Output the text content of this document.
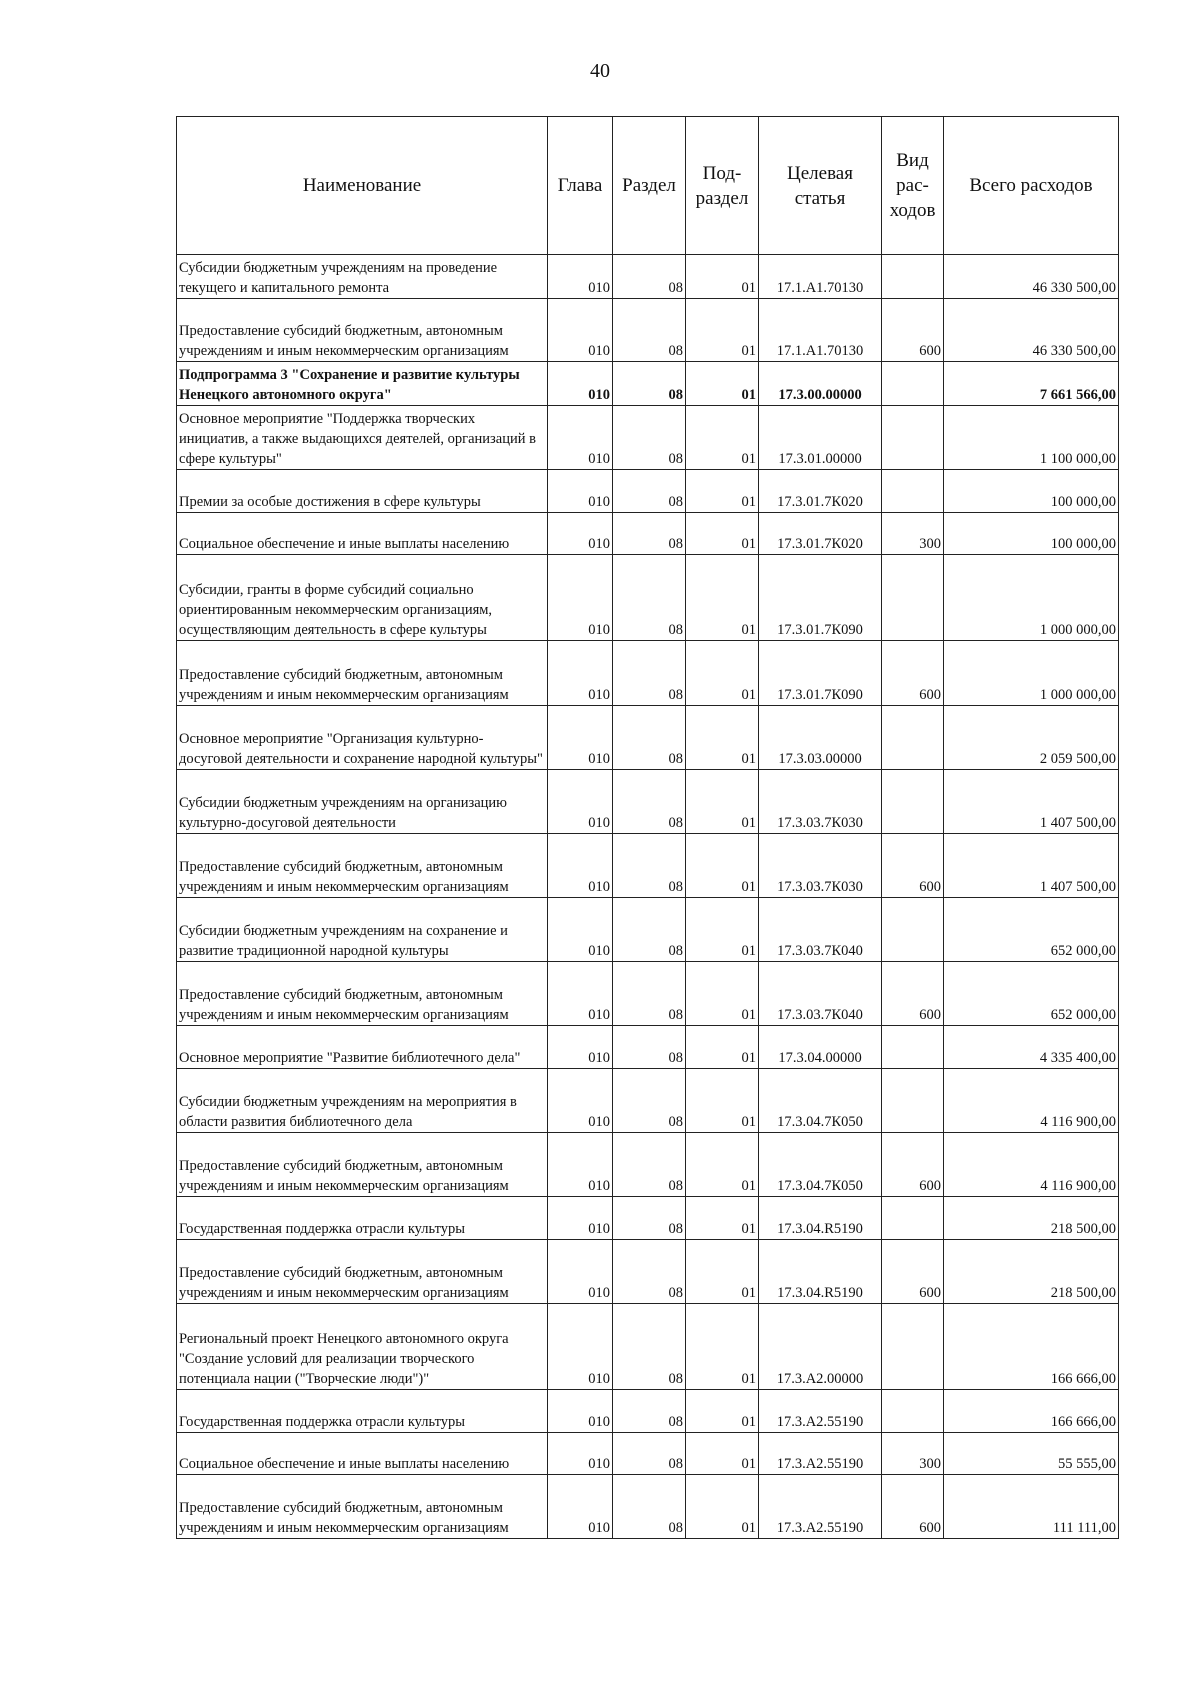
40
Наименование	Глава	Раздел	Под-раздел	Целевая статья	Вид рас-ходов	Всего расходов
Субсидии бюджетным учреждениям на проведение текущего и капитального ремонта	010	08	01	17.1.A1.70130		46 330 500,00
Предоставление субсидий бюджетным, автономным учреждениям и иным некоммерческим организациям	010	08	01	17.1.A1.70130	600	46 330 500,00
Подпрограмма 3 "Сохранение и развитие культуры Ненецкого автономного округа"	010	08	01	17.3.00.00000		7 661 566,00
Основное мероприятие "Поддержка творческих инициатив, а также выдающихся деятелей, организаций в сфере культуры"	010	08	01	17.3.01.00000		1 100 000,00
Премии за особые достижения в сфере культуры	010	08	01	17.3.01.7К020		100 000,00
Социальное обеспечение и иные выплаты населению	010	08	01	17.3.01.7К020	300	100 000,00
Субсидии, гранты в форме субсидий социально ориентированным некоммерческим организациям, осуществляющим деятельность в сфере культуры	010	08	01	17.3.01.7К090		1 000 000,00
Предоставление субсидий бюджетным, автономным учреждениям и иным некоммерческим организациям	010	08	01	17.3.01.7К090	600	1 000 000,00
Основное мероприятие "Организация культурно-досуговой деятельности и сохранение народной культуры"	010	08	01	17.3.03.00000		2 059 500,00
Субсидии бюджетным учреждениям на организацию культурно-досуговой деятельности	010	08	01	17.3.03.7К030		1 407 500,00
Предоставление субсидий бюджетным, автономным учреждениям и иным некоммерческим организациям	010	08	01	17.3.03.7К030	600	1 407 500,00
Субсидии бюджетным учреждениям на сохранение и развитие традиционной народной культуры	010	08	01	17.3.03.7К040		652 000,00
Предоставление субсидий бюджетным, автономным учреждениям и иным некоммерческим организациям	010	08	01	17.3.03.7К040	600	652 000,00
Основное мероприятие "Развитие библиотечного дела"	010	08	01	17.3.04.00000		4 335 400,00
Субсидии бюджетным учреждениям на мероприятия в области развития библиотечного дела	010	08	01	17.3.04.7К050		4 116 900,00
Предоставление субсидий бюджетным, автономным учреждениям и иным некоммерческим организациям	010	08	01	17.3.04.7К050	600	4 116 900,00
Государственная поддержка отрасли культуры	010	08	01	17.3.04.R5190		218 500,00
Предоставление субсидий бюджетным, автономным учреждениям и иным некоммерческим организациям	010	08	01	17.3.04.R5190	600	218 500,00
Региональный проект Ненецкого автономного округа "Создание условий для реализации творческого потенциала нации ("Творческие люди")"	010	08	01	17.3.A2.00000		166 666,00
Государственная поддержка отрасли культуры	010	08	01	17.3.A2.55190		166 666,00
Социальное обеспечение и иные выплаты населению	010	08	01	17.3.A2.55190	300	55 555,00
Предоставление субсидий бюджетным, автономным учреждениям и иным некоммерческим организациям	010	08	01	17.3.A2.55190	600	111 111,00
